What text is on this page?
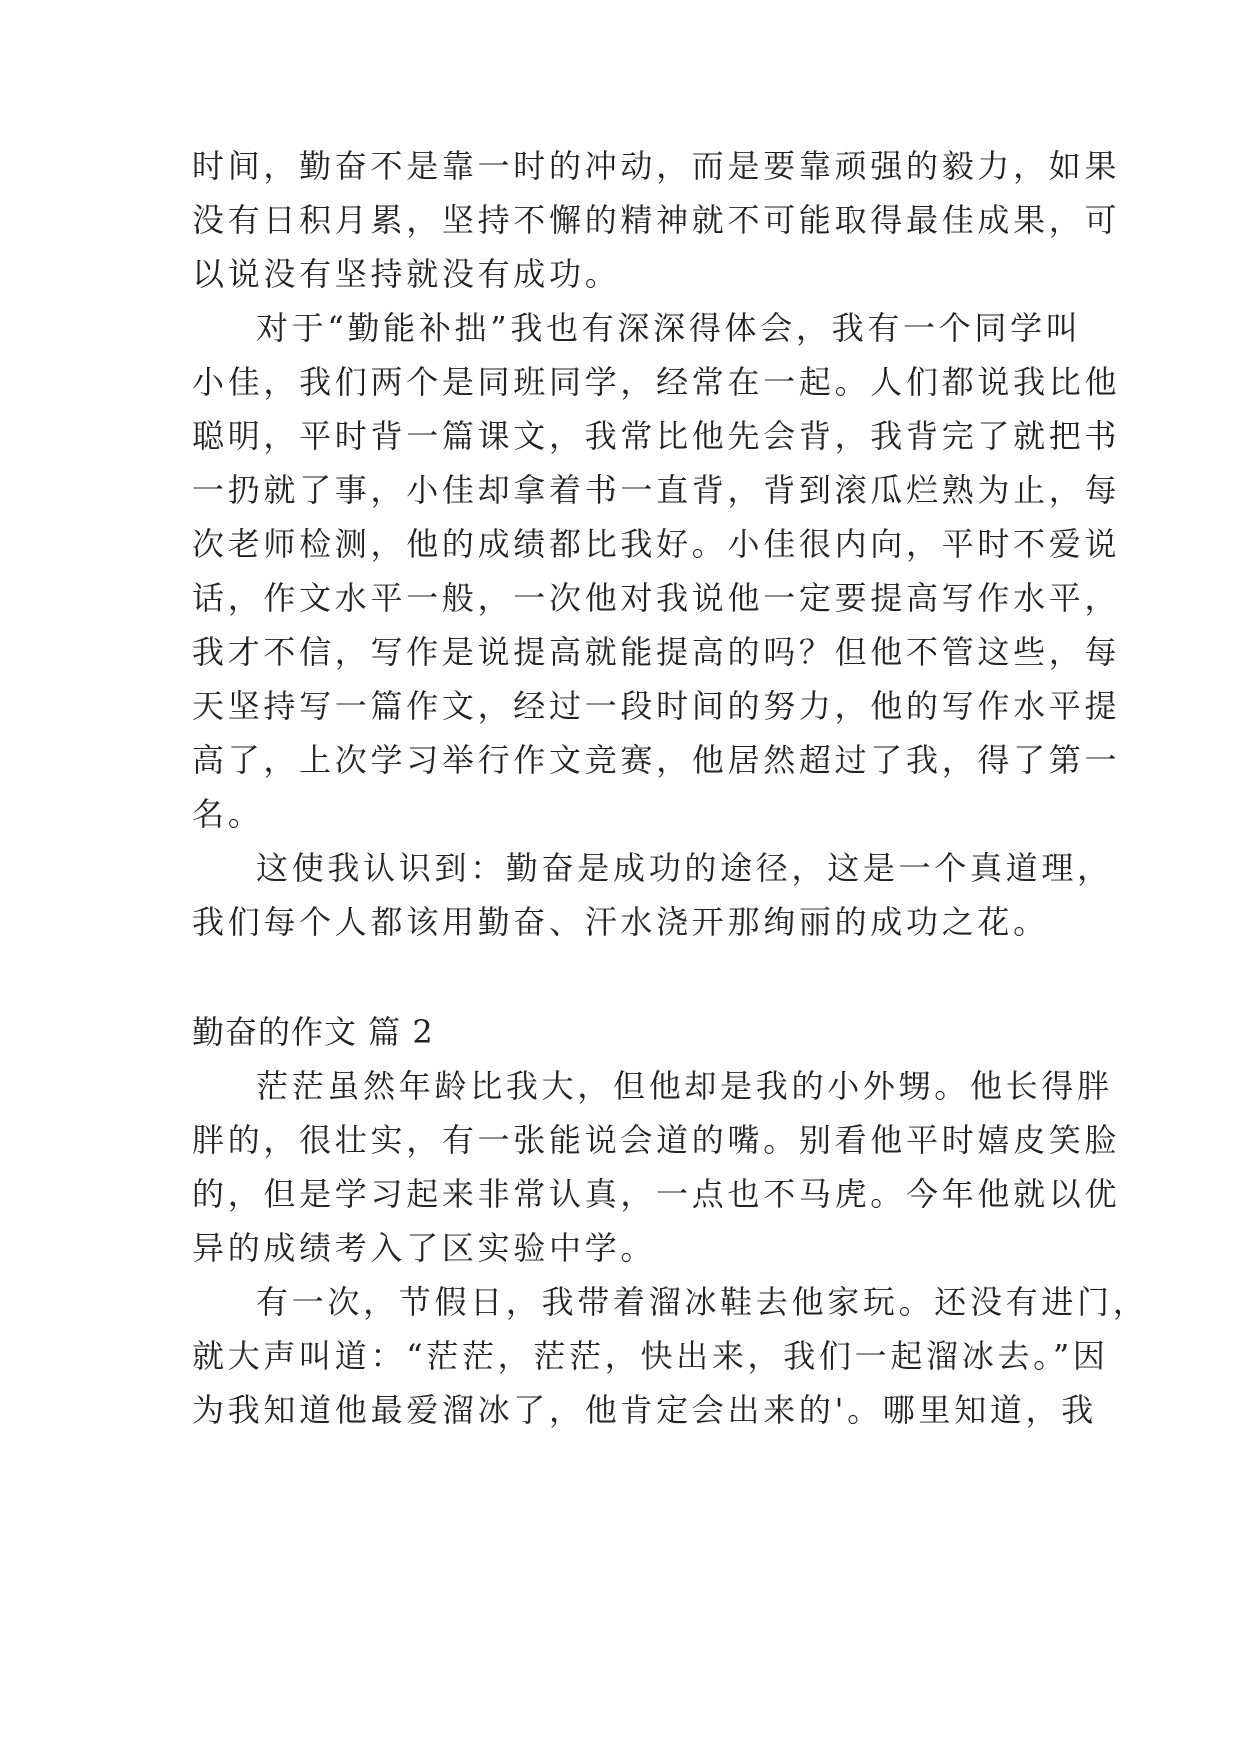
时间，勤奋不是靠一时的冲动，而是要靠顽强的毅力，如果
没有日积月累，坚持不懈的精神就不可能取得最佳成果，可
以说没有坚持就没有成功。
对于“勤能补拙”我也有深深得体会，我有一个同学叫
小佳，我们两个是同班同学，经常在一起。人们都说我比他
聪明，平时背一篇课文，我常比他先会背，我背完了就把书
一扔就了事，小佳却拿着书一直背，背到滚瓜烂熟为止，每
次老师检测，他的成绩都比我好。小佳很内向，平时不爱说
话，作文水平一般，一次他对我说他一定要提高写作水平，
我才不信，写作是说提高就能提高的吗？但他不管这些，每
天坚持写一篇作文，经过一段时间的努力，他的写作水平提
高了，上次学习举行作文竞赛，他居然超过了我，得了第一
名。
这使我认识到：勤奋是成功的途径，这是一个真道理，
我们每个人都该用勤奋、汗水浇开那绚丽的成功之花。
勤奋的作文 篇 2
茫茫虽然年龄比我大，但他却是我的小外甥。他长得胖
胖的，很壮实，有一张能说会道的嘴。别看他平时嬉皮笑脸
的，但是学习起来非常认真，一点也不马虎。今年他就以优
异的成绩考入了区实验中学。
有一次，节假日，我带着溜冰鞋去他家玩。还没有进门，
就大声叫道：“茫茫，茫茫，快出来，我们一起溜冰去。”因
为我知道他最爱溜冰了，他肯定会出来的'。哪里知道，我
